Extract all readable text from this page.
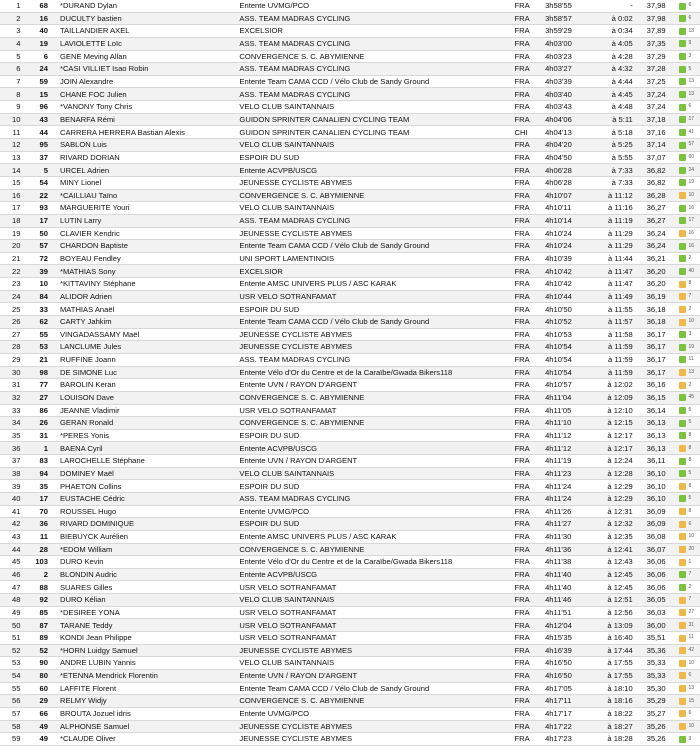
1	68	*DURAND Dylan	Entente UVMG/PCO	FRA	3h58'55	-	37,98	6
2	16	DUCULTY bastien	ASS. TEAM MADRAS CYCLING	FRA	3h58'57	à 0:02	37,98	6
3	40	TAILLANDIER AXEL	EXCELSIOR	FRA	3h59'29	à 0:34	37,89	13
4	19	LAVIOLETTE Loïc	ASS. TEAM MADRAS CYCLING	FRA	4h03'00	à 4:05	37,35	9
5	6	GENE Meving Allan	CONVERGENCE S. C. ABYMIENNE	FRA	4h03'23	à 4:28	37,29	3
6	24	*CASI VILLIET Isao Robin	ASS. TEAM MADRAS CYCLING	FRA	4h03'27	à 4:32	37,28	5
7	59	JOIN Alexandre	Entente Team CAMA CCD / Vélo Club de Sandy Ground	FRA	4h03'39	à 4:44	37,25	13
8	15	CHANE FOC Julien	ASS. TEAM MADRAS CYCLING	FRA	4h03'40	à 4:45	37,24	13
9	96	*VANONY Tony Chris	VELO CLUB SAINTANNAIS	FRA	4h03'43	à 4:48	37,24	6
10	43	BENARFA Rémi	GUIDON SPRINTER CANALIEN CYCLING TEAM	FRA	4h04'06	à 5:11	37,18	17
11	44	CARRERA HERRERA Bastian Alexis	GUIDON SPRINTER CANALIEN CYCLING TEAM	CHI	4h04'13	à 5:18	37,16	41
12	95	SABLON Luis	VELO CLUB SAINTANNAIS	FRA	4h04'20	à 5:25	37,14	57
13	37	RIVARD DORIAN	ESPOIR DU SUD	FRA	4h04'50	à 5:55	37,07	60
14	5	URCEL Adrien	Entente ACVPB/USCG	FRA	4h06'28	à 7:33	36,82	24
15	54	MINY Lionel	JEUNESSE CYCLISTE ABYMES	FRA	4h06'28	à 7:33	36,82	19
16	22	*CAILLIAU Taïno	CONVERGENCE S. C. ABYMIENNE	FRA	4h10'07	à 11:12	36,28	10
17	93	MARGUERITE Youri	VELO CLUB SAINTANNAIS	FRA	4h10'11	à 11:16	36,27	16
18	17	LUTIN Larry	ASS. TEAM MADRAS CYCLING	FRA	4h10'14	à 11:19	36,27	17
19	50	CLAVIER Kendric	JEUNESSE CYCLISTE ABYMES	FRA	4h10'24	à 11:29	36,24	16
20	57	CHARDON Baptiste	Entente Team CAMA CCD / Vélo Club de Sandy Ground	FRA	4h10'24	à 11:29	36,24	16
21	72	BOYEAU Fendley	UNI SPORT LAMENTINOIS	FRA	4h10'39	à 11:44	36,21	2
22	39	*MATHIAS Sony	EXCELSIOR	FRA	4h10'42	à 11:47	36,20	40
23	10	*KITTAVINY Stéphane	Entente AMSC UNIVERS PLUS / ASC KARAK	FRA	4h10'42	à 11:47	36,20	8
24	84	ALIDOR Adrien	USR VELO SOTRANFAMAT	FRA	4h10'44	à 11:49	36,19	7
25	33	MATHIAS Anaël	ESPOIR DU SUD	FRA	4h10'50	à 11:55	36,18	2
26	62	CARTY Jahkim	Entente Team CAMA CCD / Vélo Club de Sandy Ground	FRA	4h10'52	à 11:57	36,18	10
27	55	VINGADASSAMY Maël	JEUNESSE CYCLISTE ABYMES	FRA	4h10'53	à 11:58	36,17	3
28	53	LANCLUME Jules	JEUNESSE CYCLISTE ABYMES	FRA	4h10'54	à 11:59	36,17	19
29	21	RUFFINE Joann	ASS. TEAM MADRAS CYCLING	FRA	4h10'54	à 11:59	36,17	11
30	98	DE SIMONE Luc	Entente Vélo d'Or du Centre et de la Caraïbe/Gwada Bikers118	FRA	4h10'54	à 11:59	36,17	13
31	77	BAROLIN Keran	Entente UVN / RAYON D'ARGENT	FRA	4h10'57	à 12:02	36,16	2
32	27	LOUISON Dave	CONVERGENCE S. C. ABYMIENNE	FRA	4h11'04	à 12:09	36,15	45
33	86	JEANNE Vladimir	USR VELO SOTRANFAMAT	FRA	4h11'05	à 12:10	36,14	5
34	26	GERAN Ronald	CONVERGENCE S. C. ABYMIENNE	FRA	4h11'10	à 12:15	36,13	5
35	31	*PERES Yonis	ESPOIR DU SUD	FRA	4h11'12	à 12:17	36,13	8
36	1	BAENA Cyril	Entente ACVPB/USCG	FRA	4h11'12	à 12:17	36,13	8
37	83	LAROCHELLE Stéphane	Entente UVN / RAYON D'ARGENT	FRA	4h11'19	à 12:24	36,11	8
38	94	DOMINEY Maël	VELO CLUB SAINTANNAIS	FRA	4h11'23	à 12:28	36,10	5
39	35	PHAETON Collins	ESPOIR DU SUD	FRA	4h11'24	à 12:29	36,10	8
40	17	EUSTACHE Cédric	ASS. TEAM MADRAS CYCLING	FRA	4h11'24	à 12:29	36,10	5
41	70	ROUSSEL Hugo	Entente UVMG/PCO	FRA	4h11'26	à 12:31	36,09	8
42	36	RIVARD DOMINIQUE	ESPOIR DU SUD	FRA	4h11'27	à 12:32	36,09	6
43	11	BIEBUYCK Aurélien	Entente AMSC UNIVERS PLUS / ASC KARAK	FRA	4h11'30	à 12:35	36,08	10
44	28	*EDOM William	CONVERGENCE S. C. ABYMIENNE	FRA	4h11'36	à 12:41	36,07	20
45	103	DURO Kevin	Entente Vélo d'Or du Centre et de la Caraïbe/Gwada Bikers118	FRA	4h11'38	à 12:43	36,06	1
46	2	BLONDIN Audric	Entente ACVPB/USCG	FRA	4h11'40	à 12:45	36,06	7
47	88	SUARES Gilles	USR VELO SOTRANFAMAT	FRA	4h11'40	à 12:45	36,06	2
48	92	DURO Kélian	VELO CLUB SAINTANNAIS	FRA	4h11'46	à 12:51	36,05	7
49	85	*DESIREE YONA	USR VELO SOTRANFAMAT	FRA	4h11'51	à 12:56	36,03	27
50	87	TARANE Teddy	USR VELO SOTRANFAMAT	FRA	4h12'04	à 13:09	36,00	31
51	89	KONDI Jean Philippe	USR VELO SOTRANFAMAT	FRA	4h15'35	à 16:40	35,51	11
52	52	*HORN Luidgy Samuel	JEUNESSE CYCLISTE ABYMES	FRA	4h16'39	à 17:44	35,36	42
53	90	ANDRE LUBIN Yannis	VELO CLUB SAINTANNAIS	FRA	4h16'50	à 17:55	35,33	10
54	80	*ETENNA Mendrick Florentin	Entente UVN / RAYON D'ARGENT	FRA	4h16'50	à 17:55	35,33	6
55	60	LAFFITE Florent	Entente Team CAMA CCD / Vélo Club de Sandy Ground	FRA	4h17'05	à 18:10	35,30	13
56	29	RELMY Widjy	CONVERGENCE S. C. ABYMIENNE	FRA	4h17'11	à 18:16	35,29	15
57	66	BROUTA Jozuel idris	Entente UVMG/PCO	FRA	4h17'17	à 18:22	35,27	6
58	49	ALPHONSE Samuel	JEUNESSE CYCLISTE ABYMES	FRA	4h17'22	à 18:27	35,26	10
59	49	*CLAUDE Oliver	JEUNESSE CYCLISTE ABYMES	FRA	4h17'23	à 18:28	35,26	3
